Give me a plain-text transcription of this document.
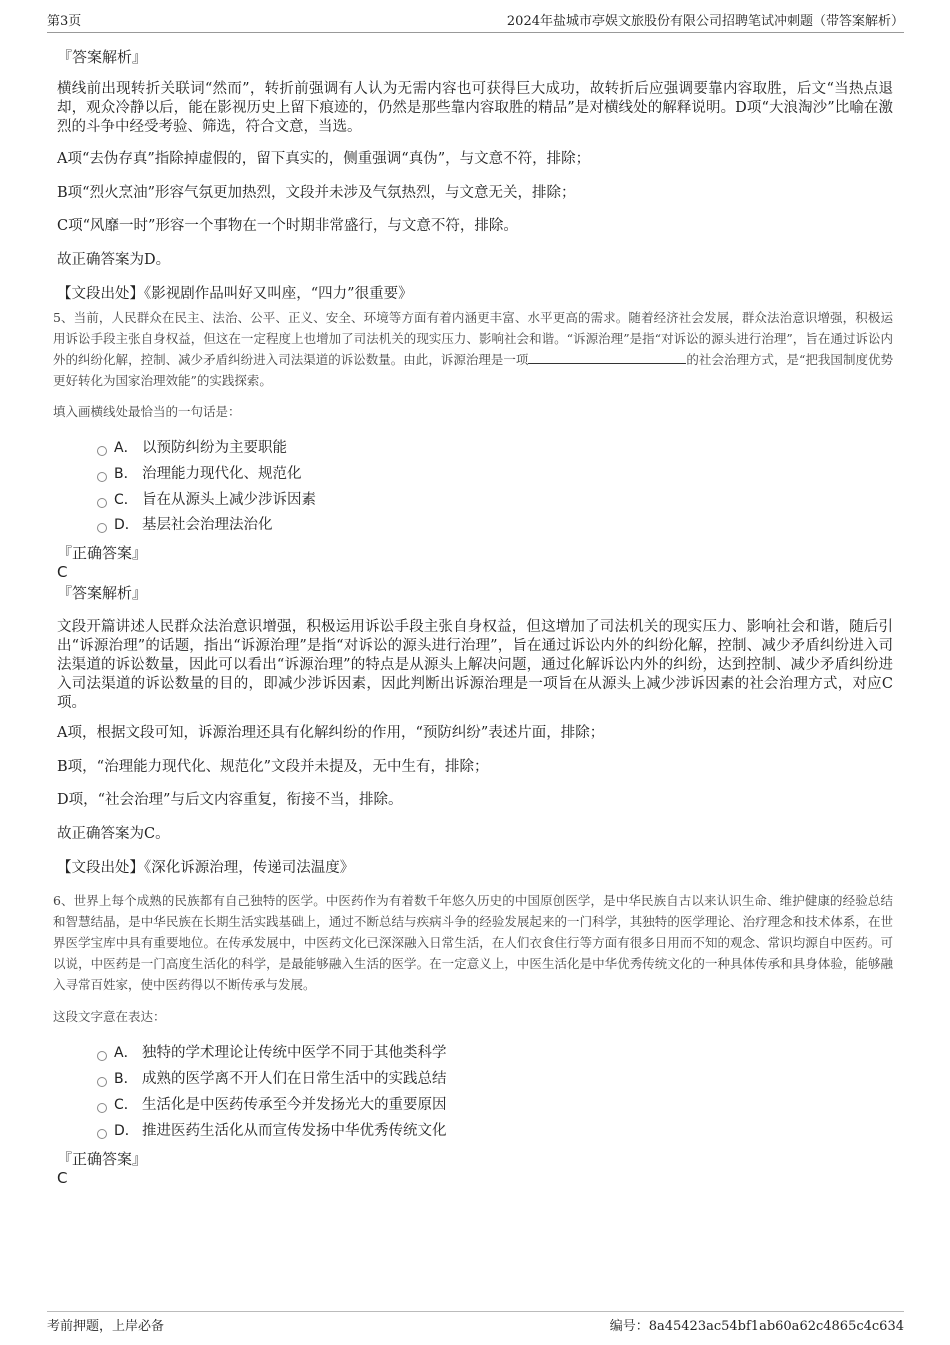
第3页	2024年盐城市亭娱文旅股份有限公司招聘笔试冲刺题（带答案解析）
『答案解析』
横线前出现转折关联词“然而”，转折前强调有人认为无需内容也可获得巨大成功，故转折后应强调要靠内容取胜，后文“当热点退却，观众冷静以后，能在影视历史上留下痕迹的，仍然是那些靠内容取胜的精品”是对横线处的解释说明。D项“大浪淘沙”比喻在激烈的斗争中经受考验、筛选，符合文意，当选。
A项“去伪存真”指除掉虚假的，留下真实的，侧重强调“真伪”，与文意不符，排除；
B项“烈火烹油”形容气氛更加热烈，文段并未涉及气氛热烈，与文意无关，排除；
C项“风靡一时”形容一个事物在一个时期非常盛行，与文意不符，排除。
故正确答案为D。
【文段出处】《影视剧作品叫好又叫座，“四力”很重要》
5、当前，人民群众在民主、法治、公平、正义、安全、环境等方面有着内涵更丰富、水平更高的需求。随着经济社会发展，群众法治意识增强，积极运用诉讼手段主张自身权益，但这在一定程度上也增加了司法机关的现实压力、影响社会和谐。“诉源治理”是指“对诉讼的源头进行治理”，旨在通过诉讼内外的纠纷化解，控制、减少矛盾纠纷进入司法渠道的诉讼数量。由此，诉源治理是一项	的社会治理方式，是“把我国制度优势更好转化为国家治理效能”的实践探索。
填入画横线处最恰当的一句话是：
A． 以预防纠纷为主要职能
B． 治理能力现代化、规范化
C． 旨在从源头上减少涉诉因素
D． 基层社会治理法治化
『正确答案』
C
『答案解析』
文段开篇讲述人民群众法治意识增强，积极运用诉讼手段主张自身权益，但这增加了司法机关的现实压力、影响社会和谐，随后引出“诉源治理”的话题，指出“诉源治理”是指“对诉讼的源头进行治理”，旨在通过诉讼内外的纠纷化解，控制、减少矛盾纠纷进入司法渠道的诉讼数量，因此可以看出“诉源治理”的特点是从源头上解决问题，通过化解诉讼内外的纠纷，达到控制、减少矛盾纠纷进入司法渠道的诉讼数量的目的，即减少涉诉因素，因此判断出诉源治理是一项旨在从源头上减少涉诉因素的社会治理方式，对应C项。
A项，根据文段可知，诉源治理还具有化解纠纷的作用，“预防纠纷”表述片面，排除；
B项，“治理能力现代化、规范化”文段并未提及，无中生有，排除；
D项，“社会治理”与后文内容重复，衔接不当，排除。
故正确答案为C。
【文段出处】《深化诉源治理，传递司法温度》
6、世界上每个成熟的民族都有自己独特的医学。中医药作为有着数千年悠久历史的中国原创医学，是中华民族自古以来认识生命、维护健康的经验总结和智慧结晶，是中华民族在长期生活实践基础上，通过不断总结与疾病斗争的经验发展起来的一门科学，其独特的医学理论、治疗理念和技术体系，在世界医学宝库中具有重要地位。在传承发展中，中医药文化已深深融入日常生活，在人们衣食住行等方面有很多日用而不知的观念、常识均源自中医药。可以说，中医药是一门高度生活化的科学，是最能够融入生活的医学。在一定意义上，中医生活化是中华优秀传统文化的一种具体传承和具身体验，能够融入寻常百姓家，使中医药得以不断传承与发展。
这段文字意在表达：
A． 独特的学术理论让传统中医学不同于其他类科学
B． 成熟的医学离不开人们在日常生活中的实践总结
C． 生活化是中医药传承至今并发扬光大的重要原因
D． 推进医药生活化从而宣传发扬中华优秀传统文化
『正确答案』
C
考前押题，上岸必备	编号：8a45423ac54bf1ab60a62c4865c4c634
